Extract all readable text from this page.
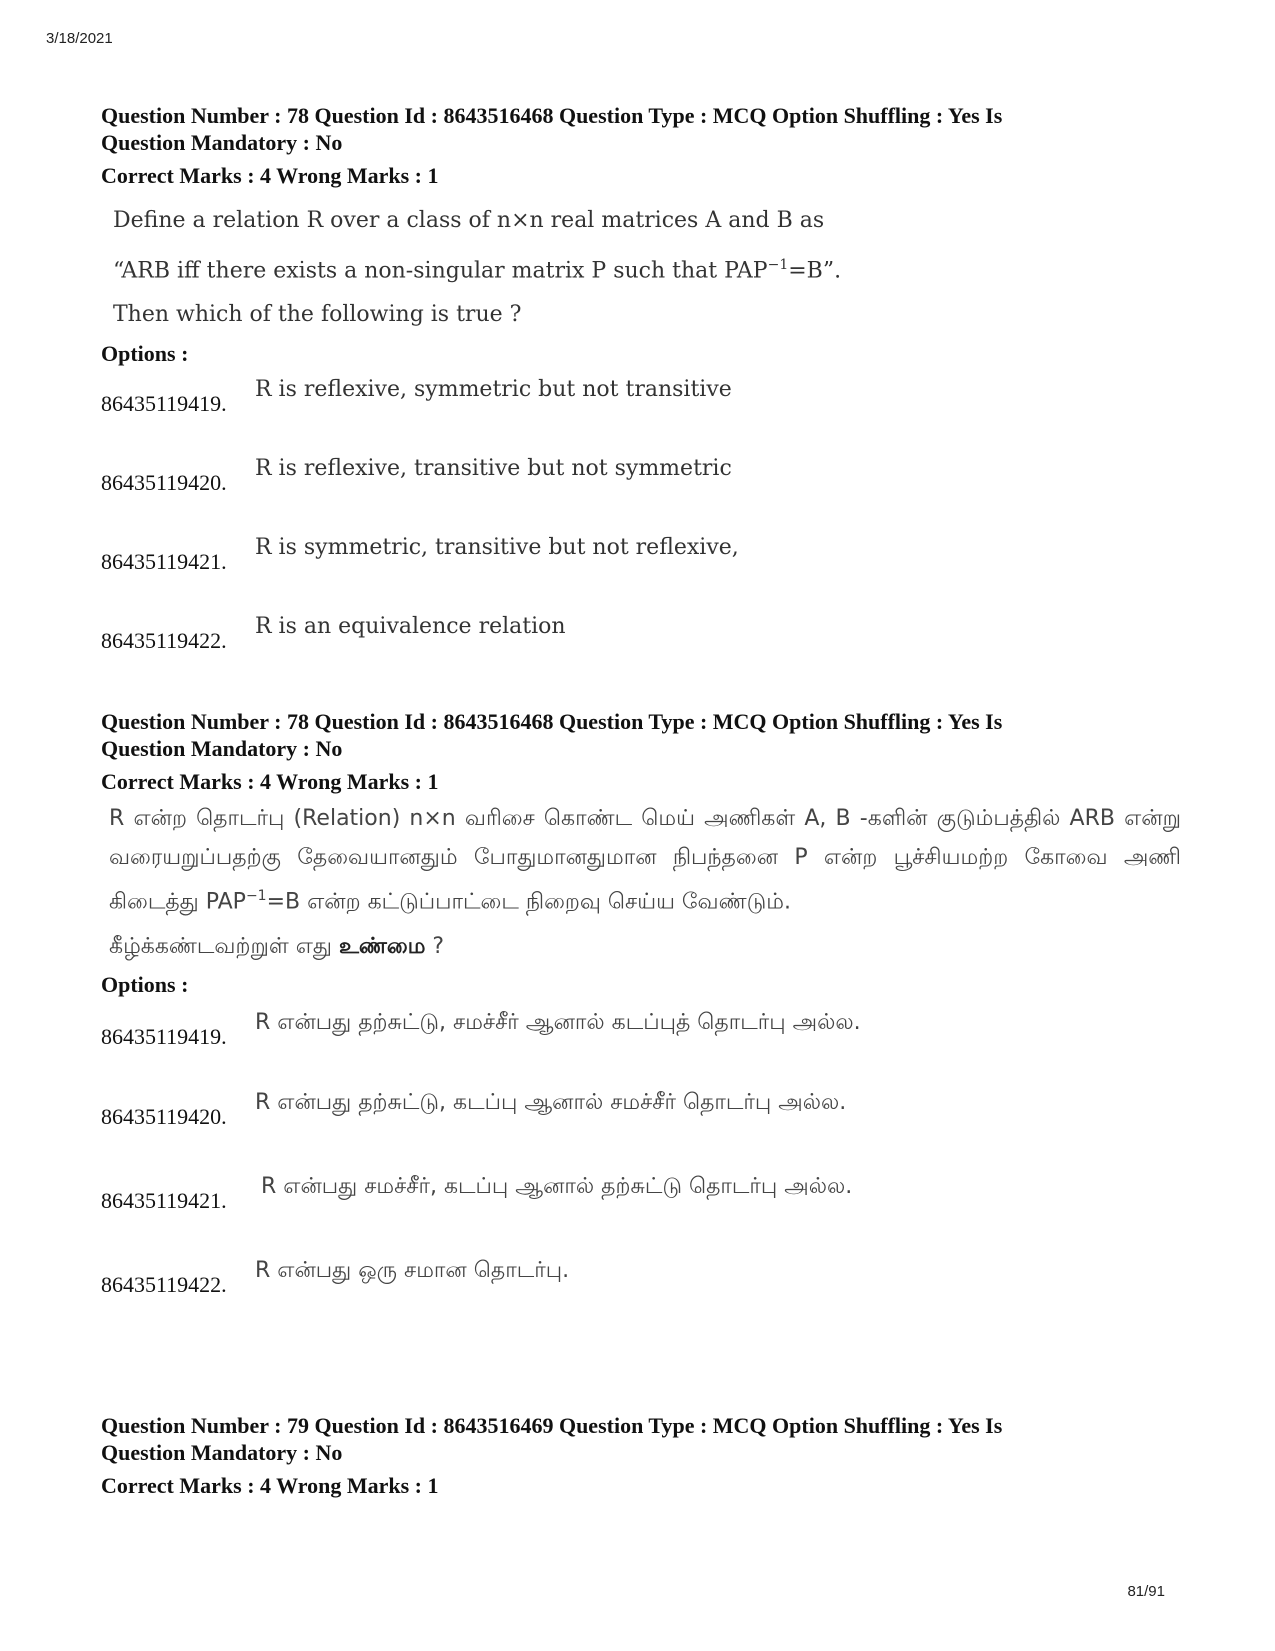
3/18/2021
Question Number : 78 Question Id : 8643516468 Question Type : MCQ Option Shuffling : Yes Is
Question Mandatory : No
Correct Marks : 4 Wrong Marks : 1

Define a relation R over a class of n×n real matrices A and B as

“ARB iff there exists a non-singular matrix P such that $PAP^{-1}=B$”.

Then which of the following is true ?

Options :
86435119419.
R is reflexive, symmetric but not transitive
86435119420.
R is reflexive, transitive but not symmetric
86435119421.
R is symmetric, transitive but not reflexive,
86435119422.
R is an equivalence relation
Question Number : 78 Question Id : 8643516468 Question Type : MCQ Option Shuffling : Yes Is
Question Mandatory : No
Correct Marks : 4 Wrong Marks : 1

R என்ற தொடர்பு (Relation) n×n வரிசை கொண்ட மெய் அணிகள் A, B -களின் குடும்பத்தில் ARB என்று வரையறுப்பதற்கு தேவையானதும் போதுமானதுமான நிபந்தனை P என்ற பூச்சியமற்ற கோவை அணி கிடைத்து $PAP^{-1}=B$ என்ற கட்டுப்பாட்டை நிறைவு செய்ய வேண்டும்.

கீழ்க்கண்டவற்றுள் எது உண்மை ?

Options :
86435119419.
R என்பது தற்சுட்டு, சமச்சீர் ஆனால் கடப்புத் தொடர்பு அல்ல.
86435119420.
R என்பது தற்சுட்டு, கடப்பு ஆனால் சமச்சீர் தொடர்பு அல்ல.
86435119421.
R என்பது சமச்சீர், கடப்பு ஆனால் தற்சுட்டு தொடர்பு அல்ல.
86435119422.
R என்பது ஒரு சமான தொடர்பு.
Question Number : 79 Question Id : 8643516469 Question Type : MCQ Option Shuffling : Yes Is
Question Mandatory : No
Correct Marks : 4 Wrong Marks : 1
81/91
